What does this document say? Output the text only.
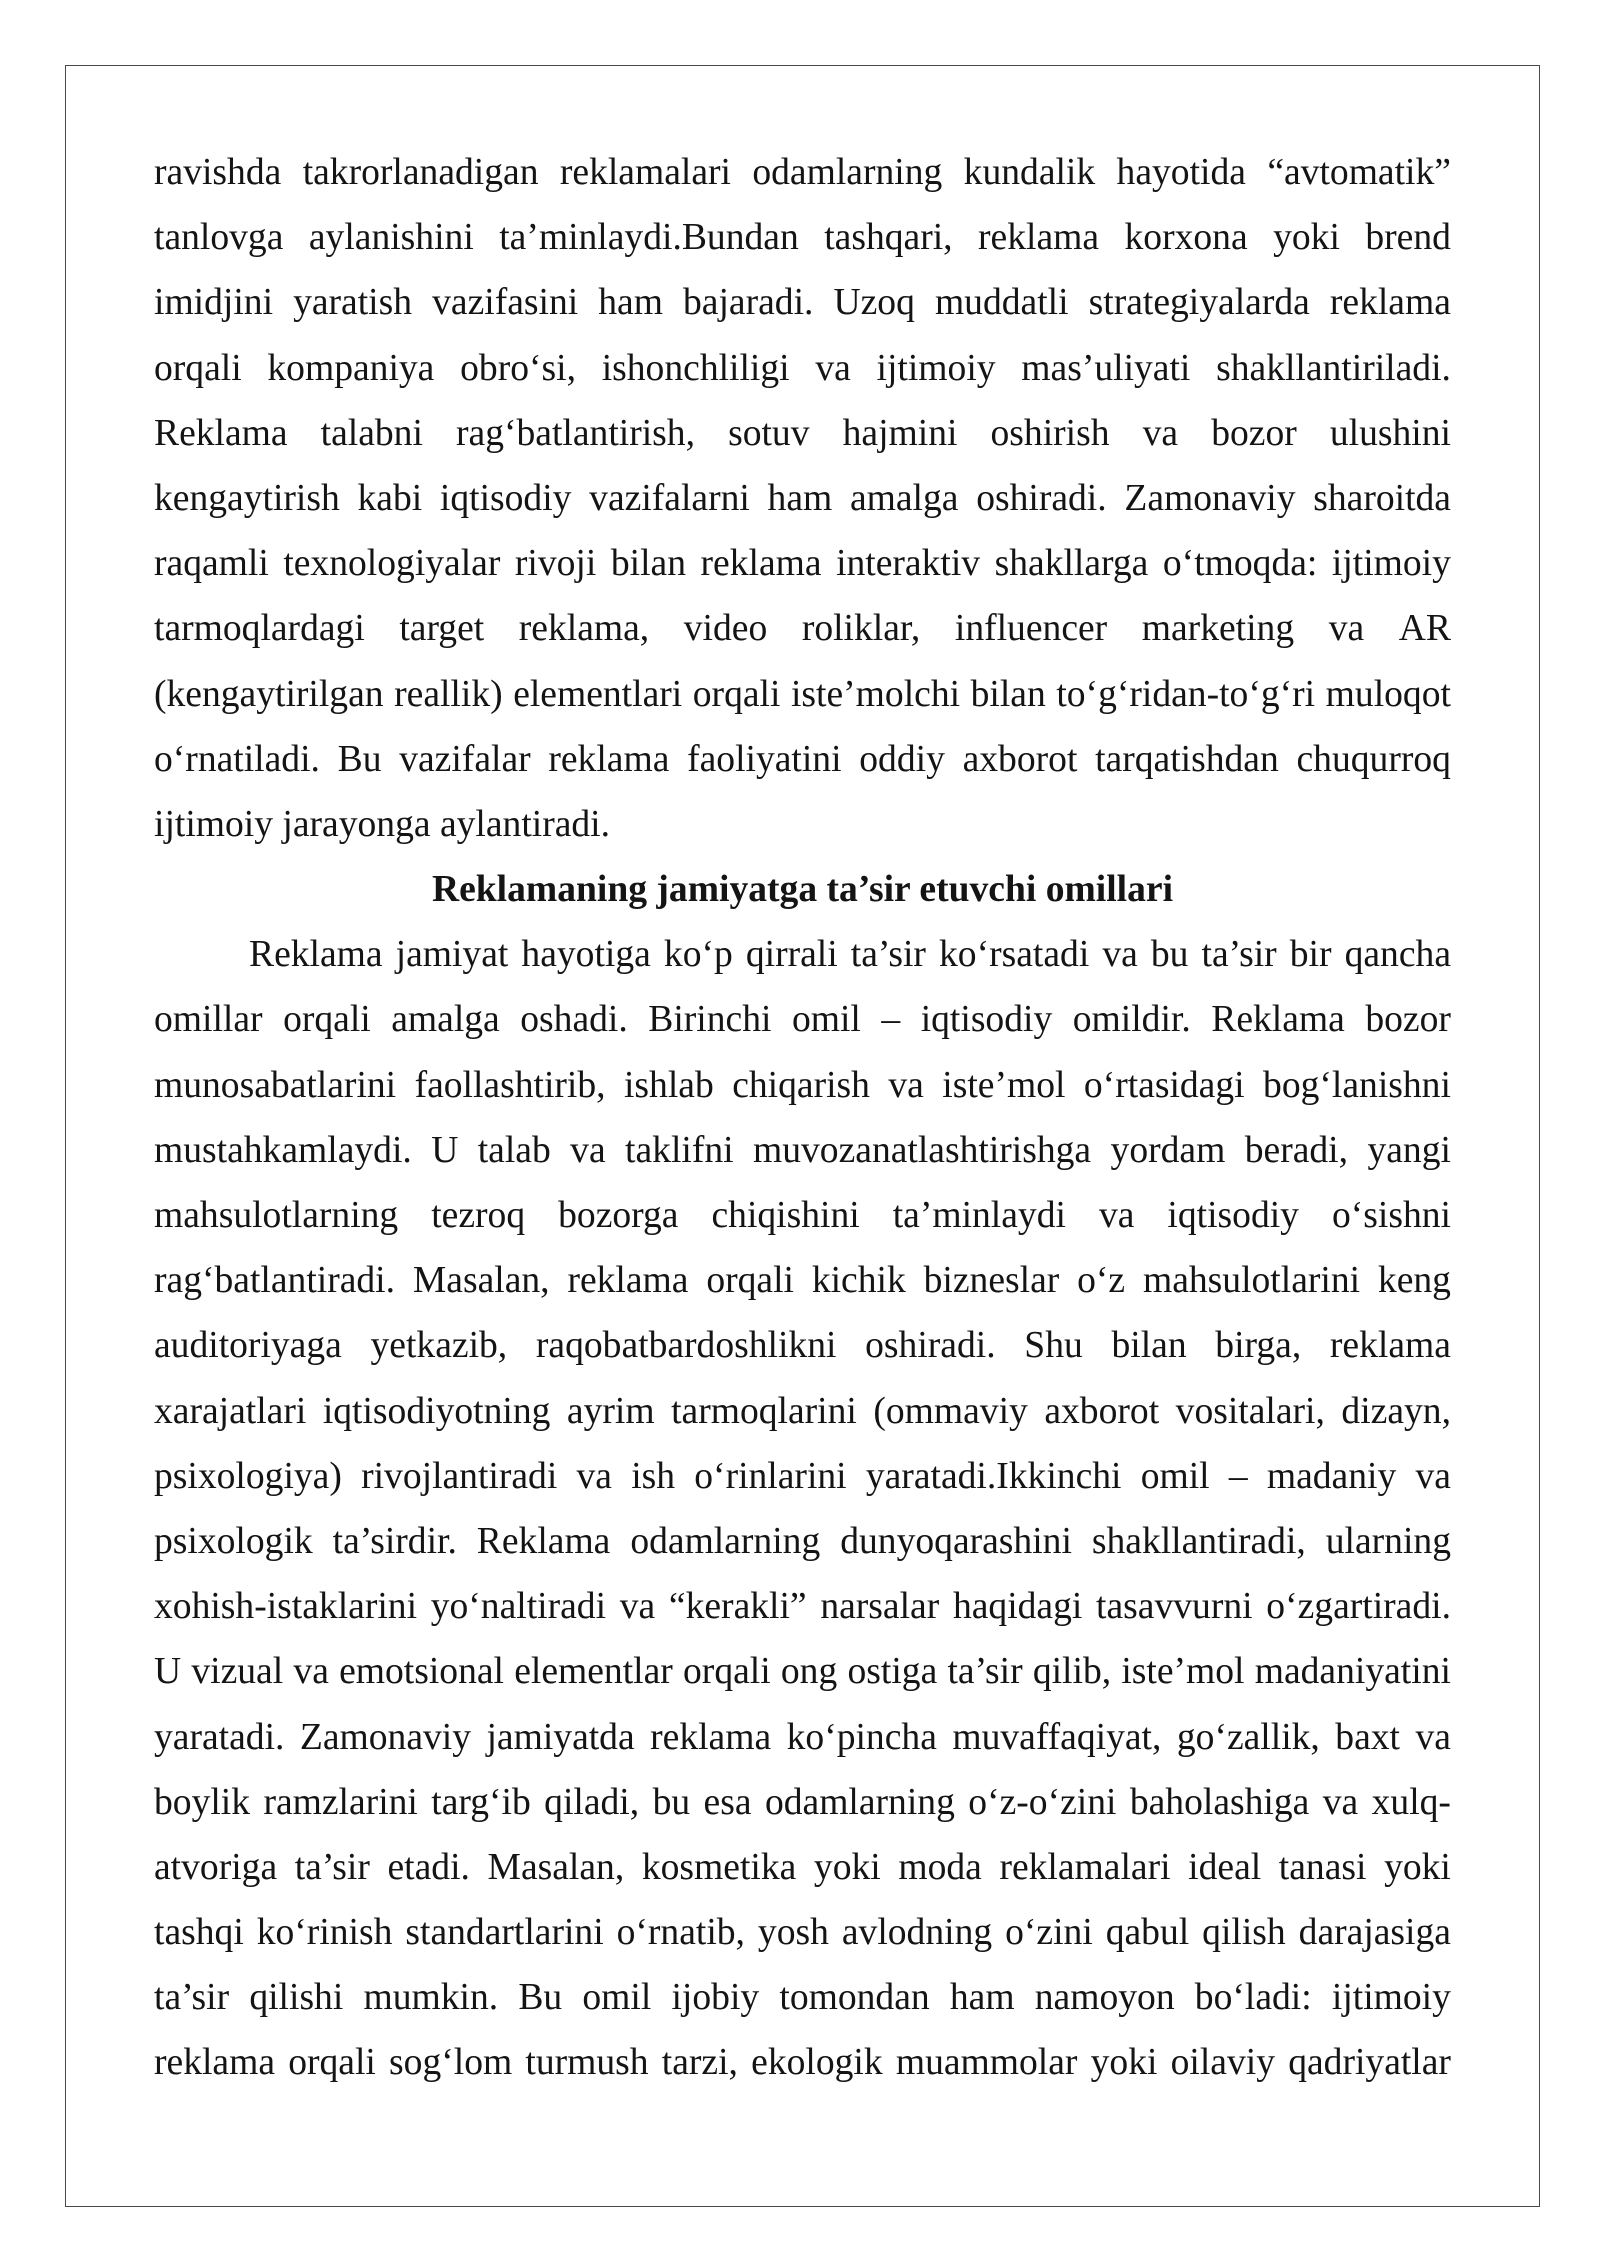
ravishda takrorlanadigan reklamalari odamlarning kundalik hayotida “avtomatik”
tanlovga aylanishini ta’minlaydi.Bundan tashqari, reklama korxona yoki brend
imidjini yaratish vazifasini ham bajaradi. Uzoq muddatli strategiyalarda reklama
orqali kompaniya obro‘si, ishonchliligi va ijtimoiy mas’uliyati shakllantiriladi.
Reklama talabni rag‘batlantirish, sotuv hajmini oshirish va bozor ulushini
kengaytirish kabi iqtisodiy vazifalarni ham amalga oshiradi. Zamonaviy sharoitda
raqamli texnologiyalar rivoji bilan reklama interaktiv shakllarga o‘tmoqda: ijtimoiy
tarmoqlardagi target reklama, video roliklar, influencer marketing va AR
(kengaytirilgan reallik) elementlari orqali iste’molchi bilan to‘g‘ridan-to‘g‘ri muloqot
o‘rnatiladi. Bu vazifalar reklama faoliyatini oddiy axborot tarqatishdan chuqurroq
ijtimoiy jarayonga aylantiradi.
Reklamaning jamiyatga ta’sir etuvchi omillari
Reklama jamiyat hayotiga ko‘p qirrali ta’sir ko‘rsatadi va bu ta’sir bir qancha
omillar orqali amalga oshadi. Birinchi omil – iqtisodiy omildir. Reklama bozor
munosabatlarini faollashtirib, ishlab chiqarish va iste’mol o‘rtasidagi bog‘lanishni
mustahkamlaydi. U talab va taklifni muvozanatlashtirishga yordam beradi, yangi
mahsulotlarning tezroq bozorga chiqishini ta’minlaydi va iqtisodiy o‘sishni
rag‘batlantiradi. Masalan, reklama orqali kichik bizneslar o‘z mahsulotlarini keng
auditoriyaga yetkazib, raqobatbardoshlikni oshiradi. Shu bilan birga, reklama
xarajatlari iqtisodiyotning ayrim tarmoqlarini (ommaviy axborot vositalari, dizayn,
psixologiya) rivojlantiradi va ish o‘rinlarini yaratadi.Ikkinchi omil – madaniy va
psixologik ta’sirdir. Reklama odamlarning dunyoqarashini shakllantiradi, ularning
xohish-istaklarini yo‘naltiradi va “kerakli” narsalar haqidagi tasavvurni o‘zgartiradi.
U vizual va emotsional elementlar orqali ong ostiga ta’sir qilib, iste’mol madaniyatini
yaratadi. Zamonaviy jamiyatda reklama ko‘pincha muvaffaqiyat, go‘zallik, baxt va
boylik ramzlarini targ‘ib qiladi, bu esa odamlarning o‘z-o‘zini baholashiga va xulq-
atvoriga ta’sir etadi. Masalan, kosmetika yoki moda reklamalari ideal tanasi yoki
tashqi ko‘rinish standartlarini o‘rnatib, yosh avlodning o‘zini qabul qilish darajasiga
ta’sir qilishi mumkin. Bu omil ijobiy tomondan ham namoyon bo‘ladi: ijtimoiy
reklama orqali sog‘lom turmush tarzi, ekologik muammolar yoki oilaviy qadriyatlar
